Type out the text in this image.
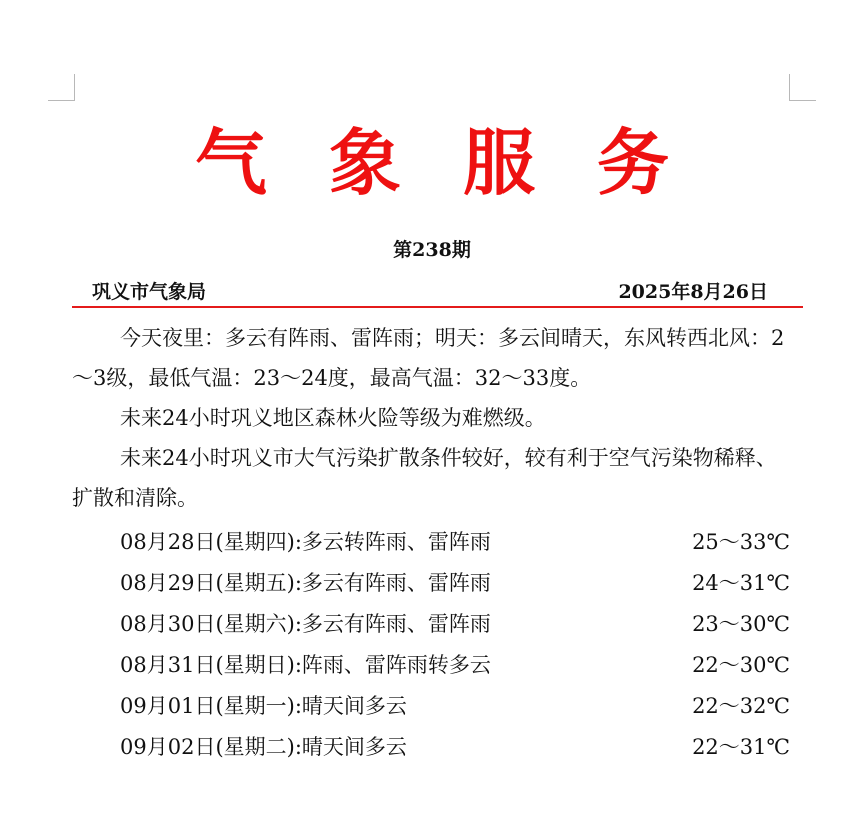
气象服务
第238期
巩义市气象局	2025年8月26日

今天夜里：多云有阵雨、雷阵雨；明天：多云间晴天，东风转西北风：2～3级，最低气温：23～24度，最高气温：32～33度。

未来24小时巩义地区森林火险等级为难燃级。

未来24小时巩义市大气污染扩散条件较好，较有利于空气污染物稀释、扩散和清除。

08月28日(星期四):多云转阵雨、雷阵雨	25～33℃
08月29日(星期五):多云有阵雨、雷阵雨	24～31℃
08月30日(星期六):多云有阵雨、雷阵雨	23～30℃
08月31日(星期日):阵雨、雷阵雨转多云	22～30℃
09月01日(星期一):晴天间多云	22～32℃
09月02日(星期二):晴天间多云	22～31℃
